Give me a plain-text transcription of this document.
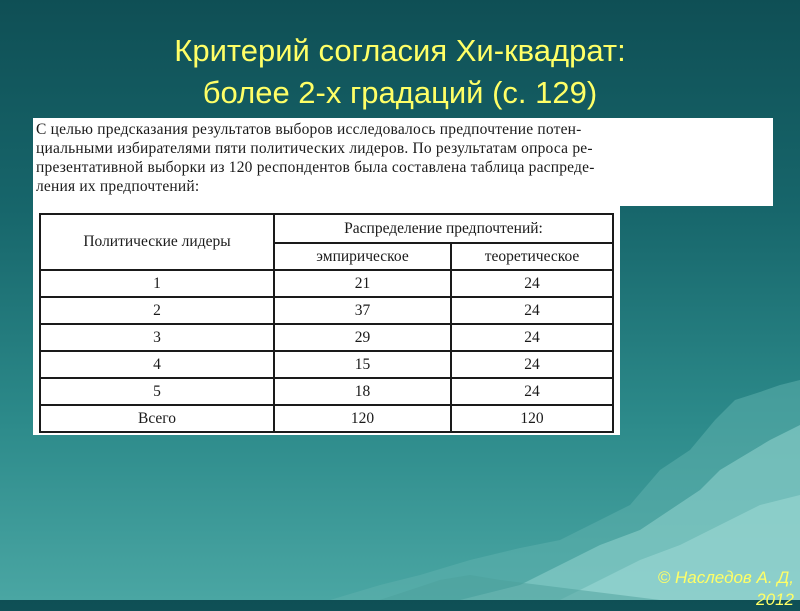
Критерий согласия Хи-квадрат:
более 2-х градаций (с. 129)
С целью предсказания результатов выборов исследовалось предпочтение потен-
циальными избирателями пяти политических лидеров. По результатам опроса ре-
презентативной выборки из 120 респондентов была составлена таблица распреде-
ления их предпочтений:
Политические лидеры	Распределение предпочтений:	
	эмпирическое	теоретическое
1	21	24
2	37	24
3	29	24
4	15	24
5	18	24
Всего	120	120
© Наследов А. Д,
2012
